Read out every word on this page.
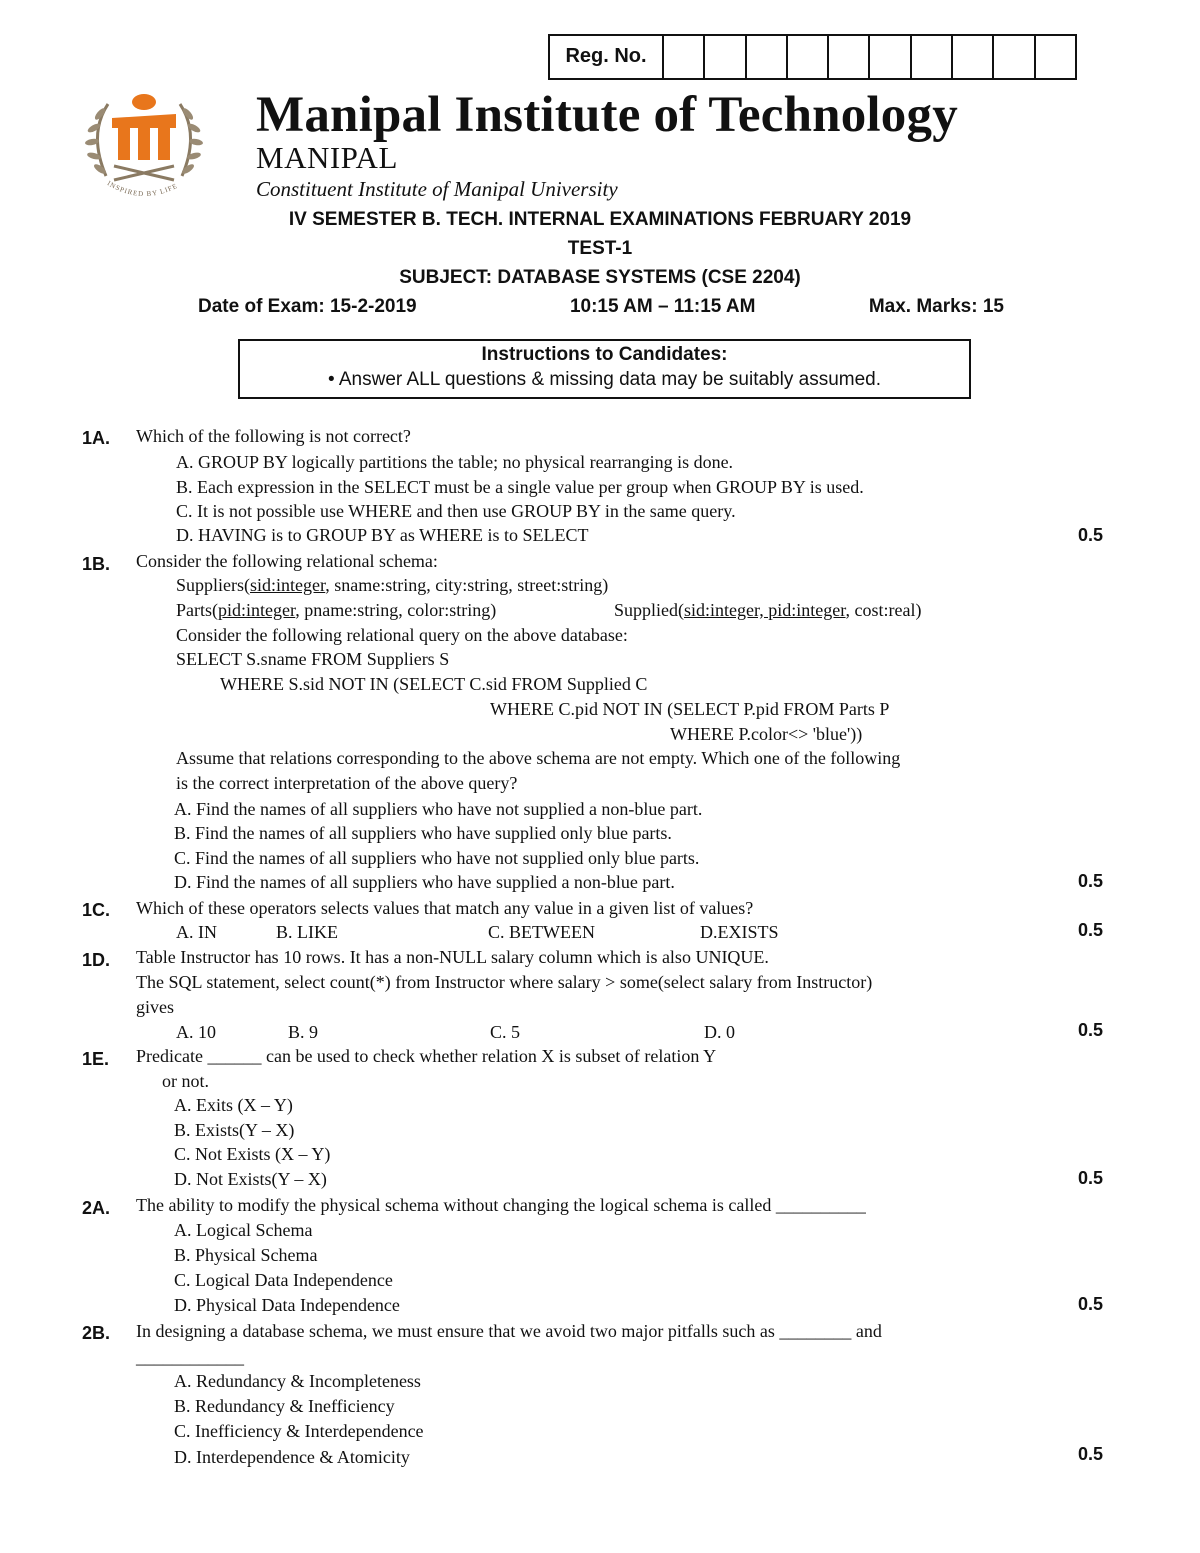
Reg. No.
INSPIRED BY LIFE
Manipal Institute of Technology
MANIPAL
Constituent Institute of Manipal University
IV SEMESTER B. TECH. INTERNAL EXAMINATIONS FEBRUARY 2019
TEST-1
SUBJECT: DATABASE SYSTEMS (CSE 2204)
Date of Exam: 15-2-2019	10:15 AM – 11:15 AM	Max. Marks: 15
Instructions to Candidates:
• Answer ALL questions & missing data may be suitably assumed.
1A. Which of the following is not correct?
A. GROUP BY logically partitions the table; no physical rearranging is done.
B. Each expression in the SELECT must be a single value per group when GROUP BY is used.
C. It is not possible use WHERE and then use GROUP BY in the same query.
D. HAVING is to GROUP BY as WHERE is to SELECT	0.5
1B. Consider the following relational schema:
Suppliers(sid:integer, sname:string, city:string, street:string)
Parts(pid:integer, pname:string, color:string)	Supplied(sid:integer, pid:integer, cost:real)
Consider the following relational query on the above database:
SELECT S.sname FROM Suppliers S
WHERE S.sid NOT IN (SELECT C.sid FROM Supplied C
WHERE C.pid NOT IN (SELECT P.pid FROM Parts P
WHERE P.color<> 'blue'))
Assume that relations corresponding to the above schema are not empty. Which one of the following
is the correct interpretation of the above query?
A. Find the names of all suppliers who have not supplied a non-blue part.
B. Find the names of all suppliers who have supplied only blue parts.
C. Find the names of all suppliers who have not supplied only blue parts.
D. Find the names of all suppliers who have supplied a non-blue part.	0.5
1C. Which of these operators selects values that match any value in a given list of values?
A. IN	B. LIKE	C. BETWEEN	D.EXISTS	0.5
1D. Table Instructor has 10 rows. It has a non-NULL salary column which is also UNIQUE.
The SQL statement, select count(*) from Instructor where salary > some(select salary from Instructor)
gives
A. 10	B. 9	C. 5	D. 0	0.5
1E. Predicate ______ can be used to check whether relation X is subset of relation Y
or not.
A. Exits (X – Y)
B. Exists(Y – X)
C. Not Exists (X – Y)
D. Not Exists(Y – X)	0.5
2A. The ability to modify the physical schema without changing the logical schema is called __________
A. Logical Schema
B. Physical Schema
C. Logical Data Independence
D. Physical Data Independence	0.5
2B. In designing a database schema, we must ensure that we avoid two major pitfalls such as ________ and
____________
A. Redundancy & Incompleteness
B. Redundancy & Inefficiency
C. Inefficiency & Interdependence
D. Interdependence & Atomicity	0.5
